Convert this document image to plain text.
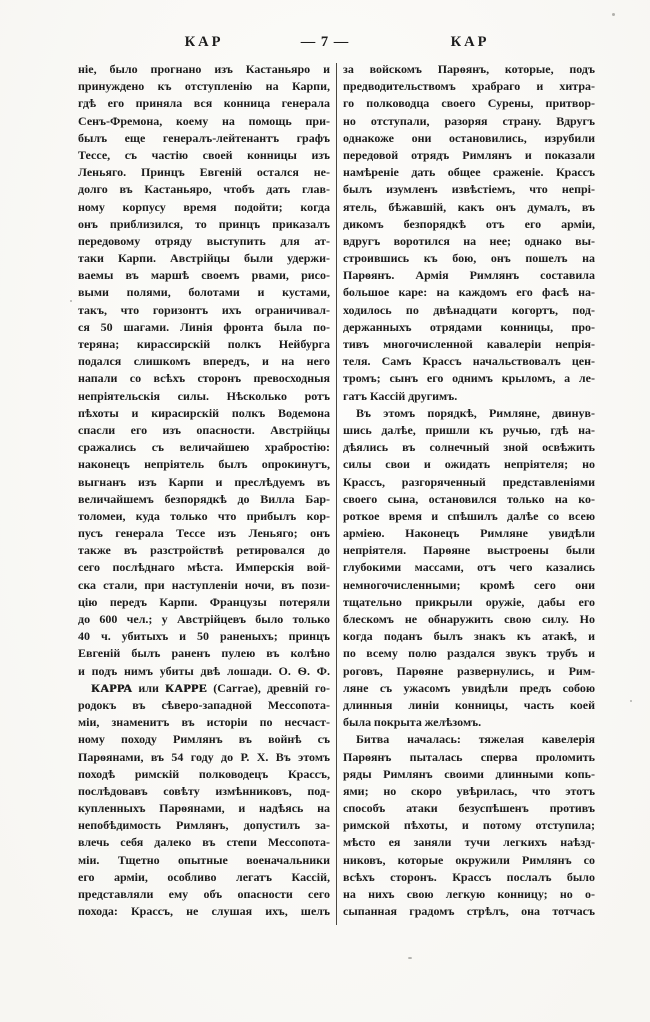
КАР	— 7 —	КАР
ніе, было прогнано изъ Кастаньяро и
принуждено къ отступленію на Карпи,
гдѣ его приняла вся конница генерала
Сенъ-Фремона, коему на помощь при-
былъ еще генералъ-лейтенантъ графъ
Тессе, съ частію своей конницы изъ
Леньяго. Принцъ Евгеній остался не-
долго въ Кастаньяро, чтобъ дать глав-
ному корпусу время подойти; когда
онъ приблизился, то принцъ приказалъ
передовому отряду выступить для ат-
таки Карпи. Австрійцы были удержи-
ваемы въ маршѣ своемъ рвами, рисо-
выми полями, болотами и кустами,
такъ, что горизонтъ ихъ ограничивал-
ся 50 шагами. Линія фронта была по-
теряна; кирассирскій полкъ Нейбурга
подался слишкомъ впередъ, и на него
напали со всѣхъ сторонъ превосходныя
непріятельскія силы. Нѣсколько ротъ
пѣхоты и кирасирскій полкъ Водемона
спасли его изъ опасности. Австрійцы
сражались съ величайшею храбростію:
наконецъ непріятель былъ опрокинутъ,
выгнанъ изъ Карпи и преслѣдуемъ въ
величайшемъ безпорядкѣ до Вилла Бар-
толомеи, куда только что прибылъ кор-
пусъ генерала Тессе изъ Леньяго; онъ
также въ разстройствѣ ретировался до
сего послѣднаго мѣста. Имперскія вой-
ска стали, при наступленіи ночи, въ пози-
цію передъ Карпи. Французы потеряли
до 600 чел.; у Австрійцевъ было только
40 ч. убитыхъ и 50 раненыхъ; принцъ
Евгеній былъ раненъ пулею въ колѣно
и подъ нимъ убиты двѣ лошади. О. Ѳ. Ф.
КАРРА или КАРРЕ (Carrae), древній го-
родокъ въ сѣверо-западной Мессопота-
міи, знаменитъ въ исторіи по несчаст-
ному походу Римлянъ въ войнѣ съ
Парѳянами, въ 54 году до Р. Х. Въ этомъ
походѣ римскій полководецъ Крассъ,
послѣдовавъ совѣту измѣнниковъ, под-
купленныхъ Парѳянами, и надѣясь на
непобѣдимость Римлянъ, допустилъ за-
влечь себя далеко въ степи Мессопота-
міи. Тщетно опытные военачальники
его арміи, особливо легатъ Кассій,
представляли ему объ опасности сего
похода: Крассъ, не слушая ихъ, шелъ
за войскомъ Парѳянъ, которые, подъ
предводительствомъ храбраго и хитра-
го полководца своего Сурены, притвор-
но отступали, разоряя страну. Вдругъ
однакоже они остановились, изрубили
передовой отрядъ Римлянъ и показали
намѣреніе дать общее сраженіе. Крассъ
былъ изумленъ извѣстіемъ, что непрі-
ятель, бѣжавшій, какъ онъ думалъ, въ
дикомъ безпорядкѣ отъ его арміи,
вдругъ воротился на нее; однако вы-
строившись къ бою, онъ пошелъ на
Парѳянъ. Армія Римлянъ составила
большое каре: на каждомъ его фасѣ на-
ходилось по двѣнадцати когортъ, под-
держанныхъ отрядами конницы, про-
тивъ многочисленной кавалеріи непрія-
теля. Самъ Крассъ начальствовалъ цен-
тромъ; сынъ его однимъ крыломъ, а ле-
гатъ Кассій другимъ.
Въ этомъ порядкѣ, Римляне, двинув-
шись далѣе, пришли къ ручью, гдѣ на-
дѣялись въ солнечный зной освѣжить
силы свои и ожидать непріятеля; но
Крассъ, разгоряченный представленіями
своего сына, остановился только на ко-
роткое время и спѣшилъ далѣе со всею
арміею. Наконецъ Римляне увидѣли
непріятеля. Парѳяне выстроены были
глубокими массами, отъ чего казались
немногочисленными; кромѣ сего они
тщательно прикрыли оружіе, дабы его
блескомъ не обнаружить свою силу. Но
когда поданъ былъ знакъ къ атакѣ, и
по всему полю раздался звукъ трубъ и
роговъ, Парѳяне развернулись, и Рим-
ляне съ ужасомъ увидѣли предъ собою
длинныя линіи конницы, часть коей
была покрыта желѣзомъ.
Битва началась: тяжелая кавелерія
Парѳянъ пыталась сперва проломить
ряды Римлянъ своими длинными копь-
ями; но скоро увѣрилась, что этотъ
способъ атаки безуспѣшенъ противъ
римской пѣхоты, и потому отступила;
мѣсто ея заняли тучи легкихъ наѣзд-
никовъ, которые окружили Римлянъ со
всѣхъ сторонъ. Крассъ послалъ было
на нихъ свою легкую конницу; но о-
сыпанная градомъ стрѣлъ, она тотчасъ
